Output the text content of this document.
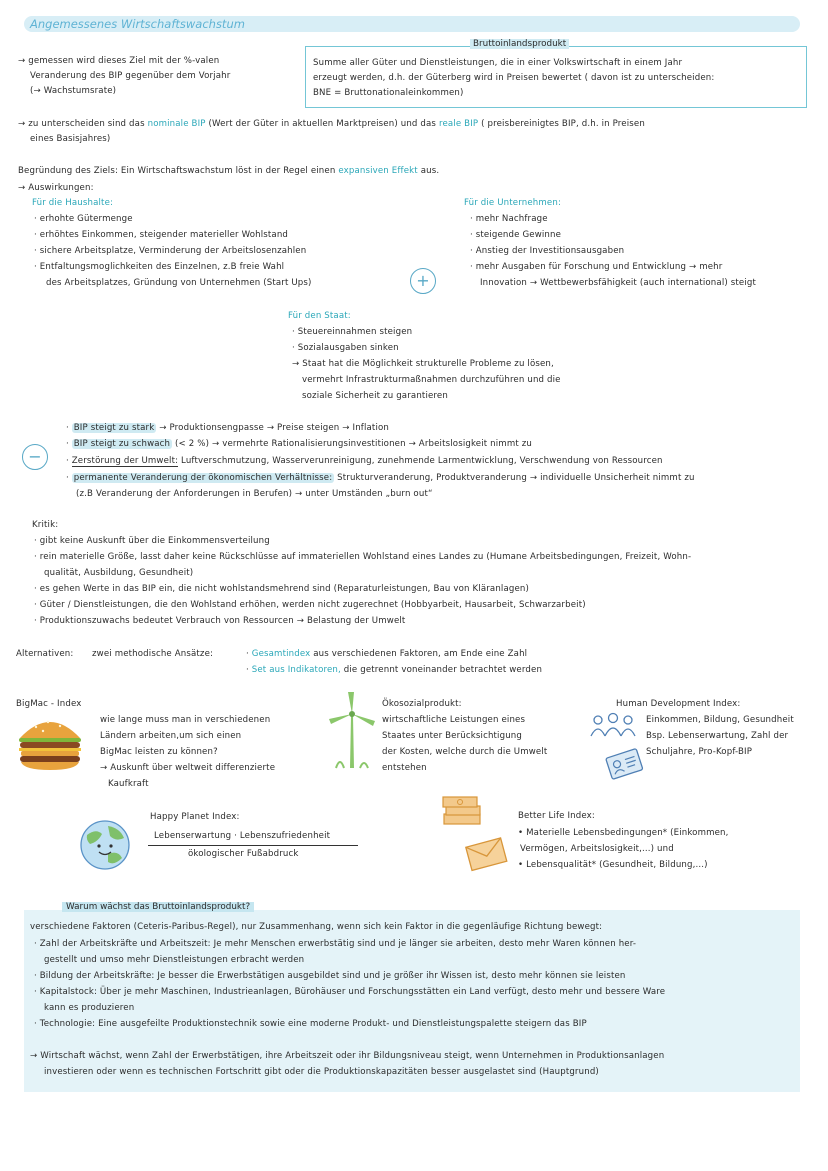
Angemessenes Wirtschaftswachstum
→ gemessen wird dieses Ziel mit der %-valen
Veranderung des BIP gegenüber dem Vorjahr
(→ Wachstumsrate)
Bruttoinlandsprodukt
Summe aller Güter und Dienstleistungen, die in einer Volkswirtschaft in einem Jahr
erzeugt werden, d.h. der Güterberg wird in Preisen bewertet ( davon ist zu unterscheiden:
BNE = Bruttonationaleinkommen)
→ zu unterscheiden sind das nominale BIP (Wert der Güter in aktuellen Marktpreisen) und das reale BIP ( preisbereinigtes BIP, d.h. in Preisen
eines Basisjahres)
Begründung des Ziels: Ein Wirtschaftswachstum löst in der Regel einen expansiven Effekt aus.
→ Auswirkungen:
Für die Haushalte:
· erhohte Gütermenge
· erhöhtes Einkommen, steigender materieller Wohlstand
· sichere Arbeitsplatze, Verminderung der Arbeitslosenzahlen
· Entfaltungsmoglichkeiten des Einzelnen, z.B freie Wahl
des Arbeitsplatzes, Gründung von Unternehmen (Start Ups)	+
Für die Unternehmen:
· mehr Nachfrage
· steigende Gewinne
· Anstieg der Investitionsausgaben
· mehr Ausgaben für Forschung und Entwicklung → mehr
Innovation → Wettbewerbsfähigkeit (auch international) steigt
Für den Staat:
· Steuereinnahmen steigen
· Sozialausgaben sinken
→ Staat hat die Möglichkeit strukturelle Probleme zu lösen,
vermehrt Infrastrukturmaßnahmen durchzuführen und die
soziale Sicherheit zu garantieren
−
· BIP steigt zu stark → Produktionsengpasse → Preise steigen → Inflation
· BIP steigt zu schwach (< 2 %) → vermehrte Rationalisierungsinvestitionen → Arbeitslosigkeit nimmt zu
· Zerstörung der Umwelt: Luftverschmutzung, Wasserverunreinigung, zunehmende Larmentwicklung, Verschwendung von Ressourcen
· permanente Veranderung der ökonomischen Verhältnisse: Strukturveranderung, Produktveranderung → individuelle Unsicherheit nimmt zu
(z.B Veranderung der Anforderungen in Berufen) → unter Umständen „burn out“
Kritik:
· gibt keine Auskunft über die Einkommensverteilung
· rein materielle Größe, lasst daher keine Rückschlüsse auf immateriellen Wohlstand eines Landes zu (Humane Arbeitsbedingungen, Freizeit, Wohn-
qualität, Ausbildung, Gesundheit)
· es gehen Werte in das BIP ein, die nicht wohlstandsmehrend sind (Reparaturleistungen, Bau von Kläranlagen)
· Güter / Dienstleistungen, die den Wohlstand erhöhen, werden nicht zugerechnet (Hobbyarbeit, Hausarbeit, Schwarzarbeit)
· Produktionszuwachs bedeutet Verbrauch von Ressourcen → Belastung der Umwelt
Alternativen: zwei methodische Ansätze:	· Gesamtindex aus verschiedenen Faktoren, am Ende eine Zahl
· Set aus Indikatoren, die getrennt voneinander betrachtet werden
BigMac - Index
wie lange muss man in verschiedenen
Ländern arbeiten,um sich einen
BigMac leisten zu können?
→ Auskunft über weltweit differenzierte
Kaufkraft
Ökosozialprodukt:
wirtschaftliche Leistungen eines
Staates unter Berücksichtigung
der Kosten, welche durch die Umwelt
entstehen
Human Development Index:
Einkommen, Bildung, Gesundheit
Bsp. Lebenserwartung, Zahl der
Schuljahre, Pro-Kopf-BIP
Happy Planet Index:
Lebenserwartung · Lebenszufriedenheit
ökologischer Fußabdruck
Better Life Index:
• Materielle Lebensbedingungen* (Einkommen,
Vermögen, Arbeitslosigkeit,...) und
• Lebensqualität* (Gesundheit, Bildung,...)
Warum wächst das Bruttoinlandsprodukt?
verschiedene Faktoren (Ceteris-Paribus-Regel), nur Zusammenhang, wenn sich kein Faktor in die gegenläufige Richtung bewegt:
· Zahl der Arbeitskräfte und Arbeitszeit: Je mehr Menschen erwerbstätig sind und je länger sie arbeiten, desto mehr Waren können her-
gestellt und umso mehr Dienstleistungen erbracht werden
· Bildung der Arbeitskräfte: Je besser die Erwerbstätigen ausgebildet sind und je größer ihr Wissen ist, desto mehr können sie leisten
· Kapitalstock: Über je mehr Maschinen, Industrieanlagen, Bürohäuser und Forschungsstätten ein Land verfügt, desto mehr und bessere Ware
kann es produzieren
· Technologie: Eine ausgefeilte Produktionstechnik sowie eine moderne Produkt- und Dienstleistungspalette steigern das BIP
→ Wirtschaft wächst, wenn Zahl der Erwerbstätigen, ihre Arbeitszeit oder ihr Bildungsniveau steigt, wenn Unternehmen in Produktionsanlagen
investieren oder wenn es technischen Fortschritt gibt oder die Produktionskapazitäten besser ausgelastet sind (Hauptgrund)
